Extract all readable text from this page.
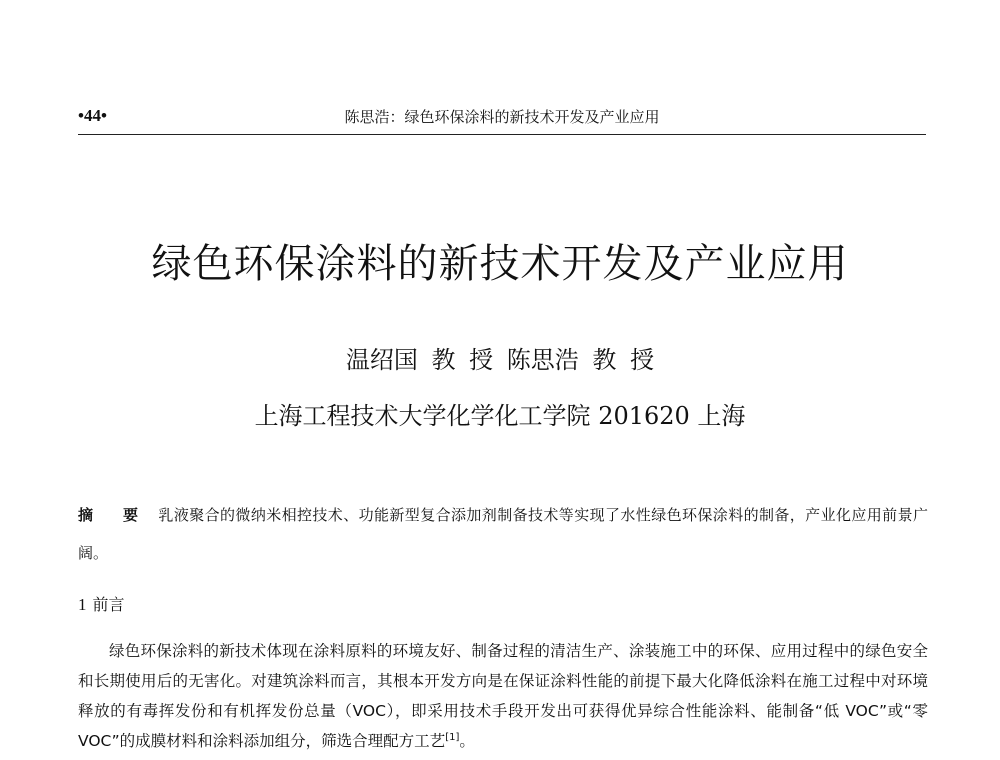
•44•	陈思浩：绿色环保涂料的新技术开发及产业应用
绿色环保涂料的新技术开发及产业应用
温绍国 教 授 陈思浩 教 授
上海工程技术大学化学化工学院 201620 上海
摘 要 乳液聚合的微纳米相控技术、功能新型复合添加剂制备技术等实现了水性绿色环保涂料的制备，产业化应用前景广阔。
1 前言
绿色环保涂料的新技术体现在涂料原料的环境友好、制备过程的清洁生产、涂装施工中的环保、应用过程中的绿色安全和长期使用后的无害化。对建筑涂料而言，其根本开发方向是在保证涂料性能的前提下最大化降低涂料在施工过程中对环境释放的有毒挥发份和有机挥发份总量（VOC），即采用技术手段开发出可获得优异综合性能涂料、能制备“低 VOC”或“零 VOC”的成膜材料和涂料添加组分，筛选合理配方工艺[1]。
